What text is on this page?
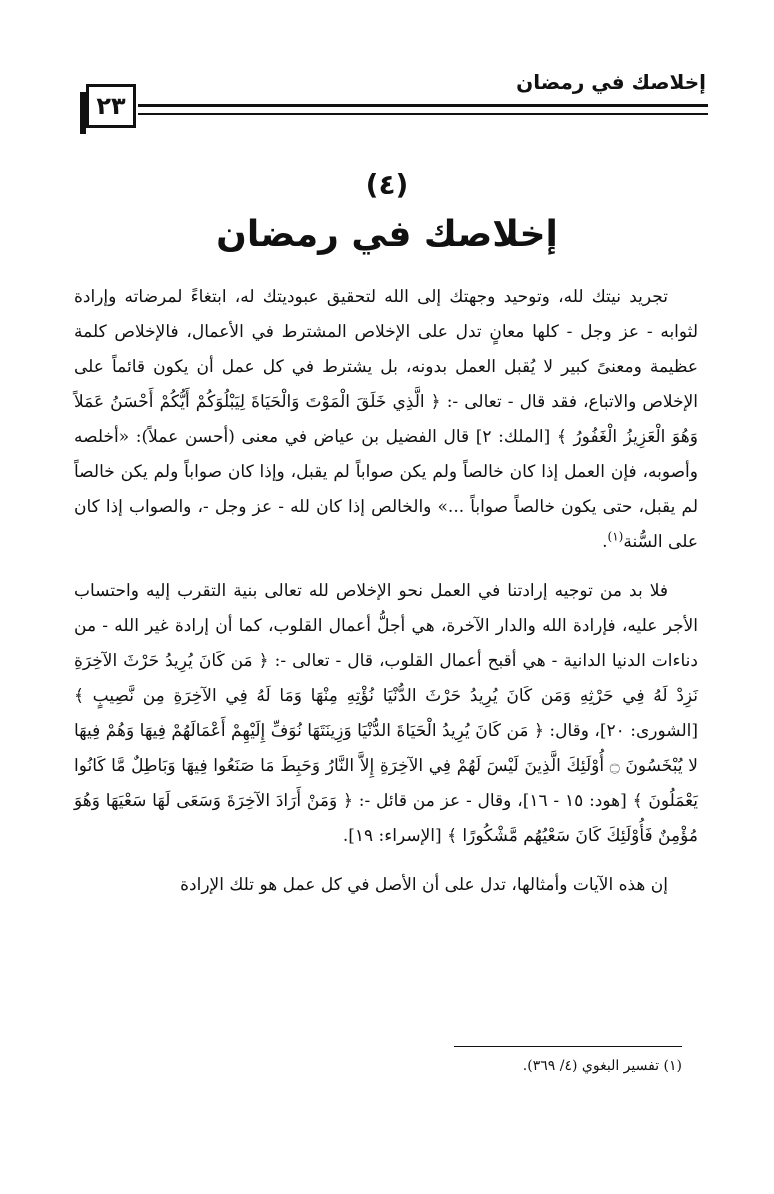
إخلاصك في رمضان
٢٣
(٤)
إخلاصك في رمضان

تجريد نيتك لله، وتوحيد وجهتك إلى الله لتحقيق عبوديتك له، ابتغاءً لمرضاته وإرادة لثوابه - عز وجل - كلها معانٍ تدل على الإخلاص المشترط في الأعمال، فالإخلاص كلمة عظيمة ومعنىً كبير لا يُقبل العمل بدونه، بل يشترط في كل عمل أن يكون قائماً على الإخلاص والاتباع، فقد قال - تعالى -: ﴿ الَّذِي خَلَقَ الْمَوْتَ وَالْحَيَاةَ لِيَبْلُوَكُمْ أَيُّكُمْ أَحْسَنُ عَمَلاً وَهُوَ الْعَزِيزُ الْغَفُورُ ﴾ [الملك: ٢] قال الفضيل بن عياض في معنى (أحسن عملاً): «أخلصه وأصوبه، فإن العمل إذا كان خالصاً ولم يكن صواباً لم يقبل، وإذا كان صواباً ولم يكن خالصاً لم يقبل، حتى يكون خالصاً صواباً ...» والخالص إذا كان لله - عز وجل -، والصواب إذا كان على السُّنة$^{(١)}$.

فلا بد من توجيه إرادتنا في العمل نحو الإخلاص لله تعالى بنية التقرب إليه واحتساب الأجر عليه، فإرادة الله والدار الآخرة، هي أجلُّ أعمال القلوب، كما أن إرادة غير الله - من دناءات الدنيا الدانية - هي أقبح أعمال القلوب، قال - تعالى -: ﴿ مَن كَانَ يُرِيدُ حَرْثَ الآخِرَةِ نَزِدْ لَهُ فِي حَرْثِهِ وَمَن كَانَ يُرِيدُ حَرْثَ الدُّنْيَا نُؤْتِهِ مِنْهَا وَمَا لَهُ فِي الآخِرَةِ مِن نَّصِيبٍ ﴾ [الشورى: ٢٠]، وقال: ﴿ مَن كَانَ يُرِيدُ الْحَيَاةَ الدُّنْيَا وَزِينَتَهَا نُوَفِّ إِلَيْهِمْ أَعْمَالَهُمْ فِيهَا وَهُمْ فِيهَا لا يُبْخَسُونَ ۝ أُوْلَئِكَ الَّذِينَ لَيْسَ لَهُمْ فِي الآخِرَةِ إِلاَّ النَّارُ وَحَبِطَ مَا صَنَعُوا فِيهَا وَبَاطِلٌ مَّا كَانُوا يَعْمَلُونَ ﴾ [هود: ١٥ - ١٦]، وقال - عز من قائل -: ﴿ وَمَنْ أَرَادَ الآخِرَةَ وَسَعَى لَهَا سَعْيَهَا وَهُوَ مُؤْمِنٌ فَأُوْلَئِكَ كَانَ سَعْيُهُم مَّشْكُورًا ﴾ [الإسراء: ١٩].

إن هذه الآيات وأمثالها، تدل على أن الأصل في كل عمل هو تلك الإرادة

(١) تفسير البغوي (٤/ ٣٦٩).
